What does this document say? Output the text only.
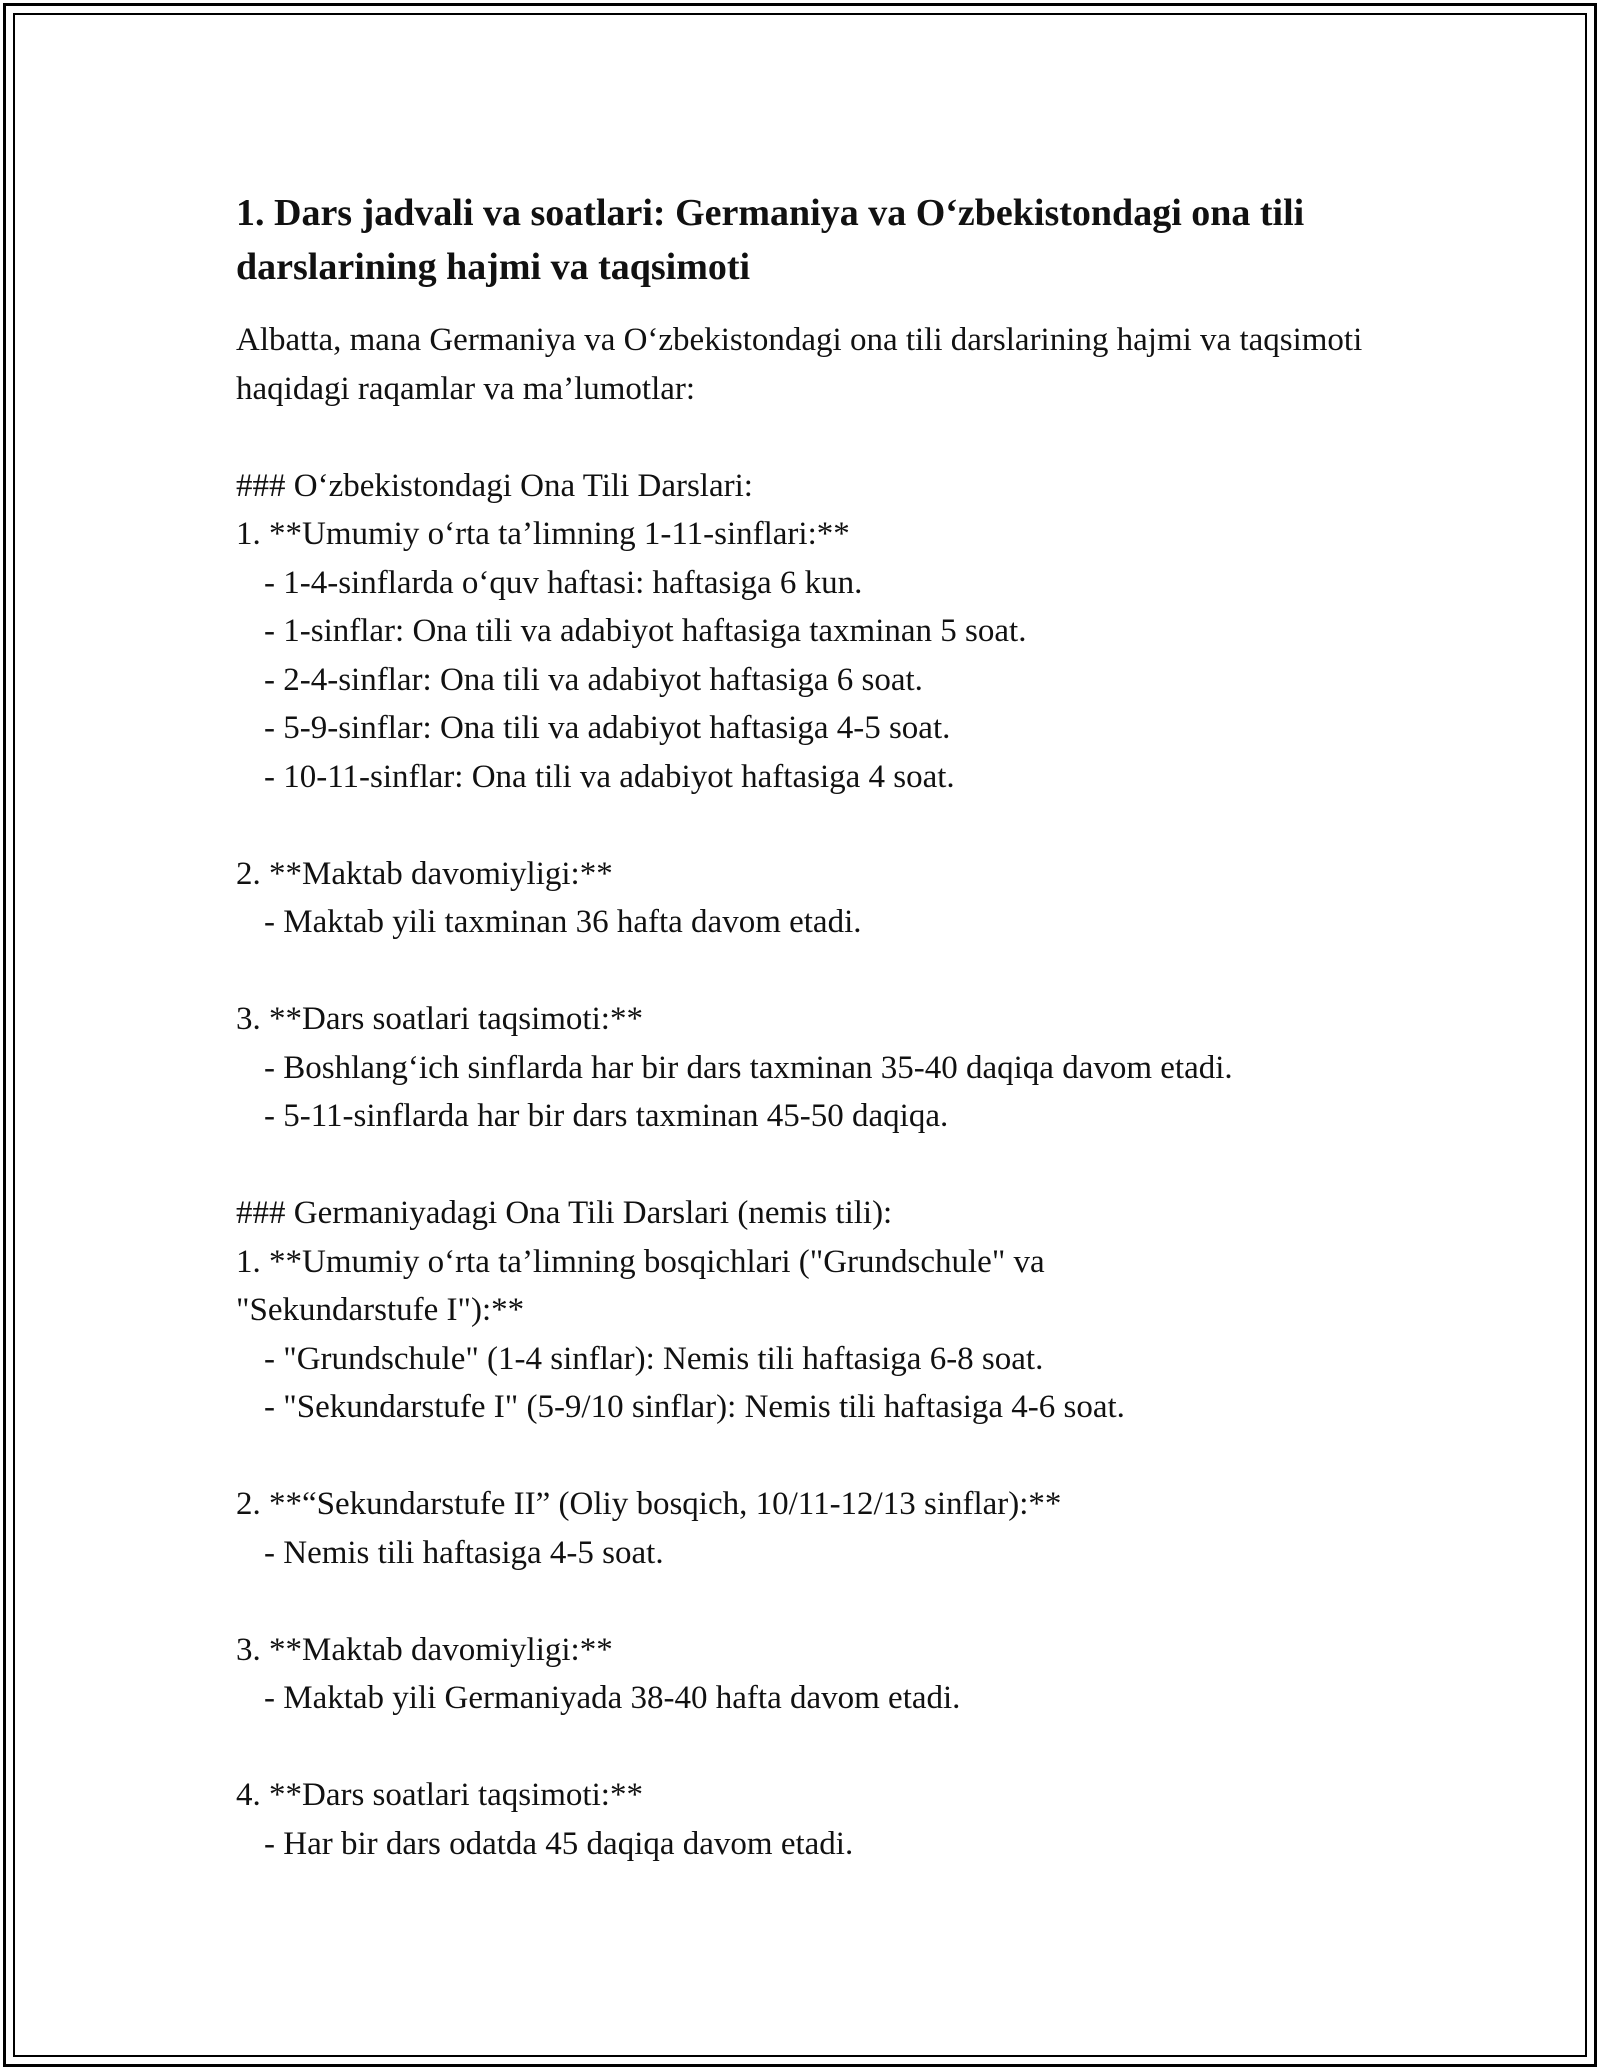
1. Dars jadvali va soatlari: Germaniya va O‘zbekistondagi ona tili darslarining hajmi va taqsimoti
Albatta, mana Germaniya va O‘zbekistondagi ona tili darslarining hajmi va taqsimoti haqidagi raqamlar va ma’lumotlar:
### O‘zbekistondagi Ona Tili Darslari:
1. **Umumiy o‘rta ta’limning 1-11-sinflari:**
- 1-4-sinflarda o‘quv haftasi: haftasiga 6 kun.
- 1-sinflar: Ona tili va adabiyot haftasiga taxminan 5 soat.
- 2-4-sinflar: Ona tili va adabiyot haftasiga 6 soat.
- 5-9-sinflar: Ona tili va adabiyot haftasiga 4-5 soat.
- 10-11-sinflar: Ona tili va adabiyot haftasiga 4 soat.
2. **Maktab davomiyligi:**
- Maktab yili taxminan 36 hafta davom etadi.
3. **Dars soatlari taqsimoti:**
- Boshlang‘ich sinflarda har bir dars taxminan 35-40 daqiqa davom etadi.
- 5-11-sinflarda har bir dars taxminan 45-50 daqiqa.
### Germaniyadagi Ona Tili Darslari (nemis tili):
1. **Umumiy o‘rta ta’limning bosqichlari ("Grundschule" va
"Sekundarstufe I"):**
- "Grundschule" (1-4 sinflar): Nemis tili haftasiga 6-8 soat.
- "Sekundarstufe I" (5-9/10 sinflar): Nemis tili haftasiga 4-6 soat.
2. **“Sekundarstufe II” (Oliy bosqich, 10/11-12/13 sinflar):**
- Nemis tili haftasiga 4-5 soat.
3. **Maktab davomiyligi:**
- Maktab yili Germaniyada 38-40 hafta davom etadi.
4. **Dars soatlari taqsimoti:**
- Har bir dars odatda 45 daqiqa davom etadi.
